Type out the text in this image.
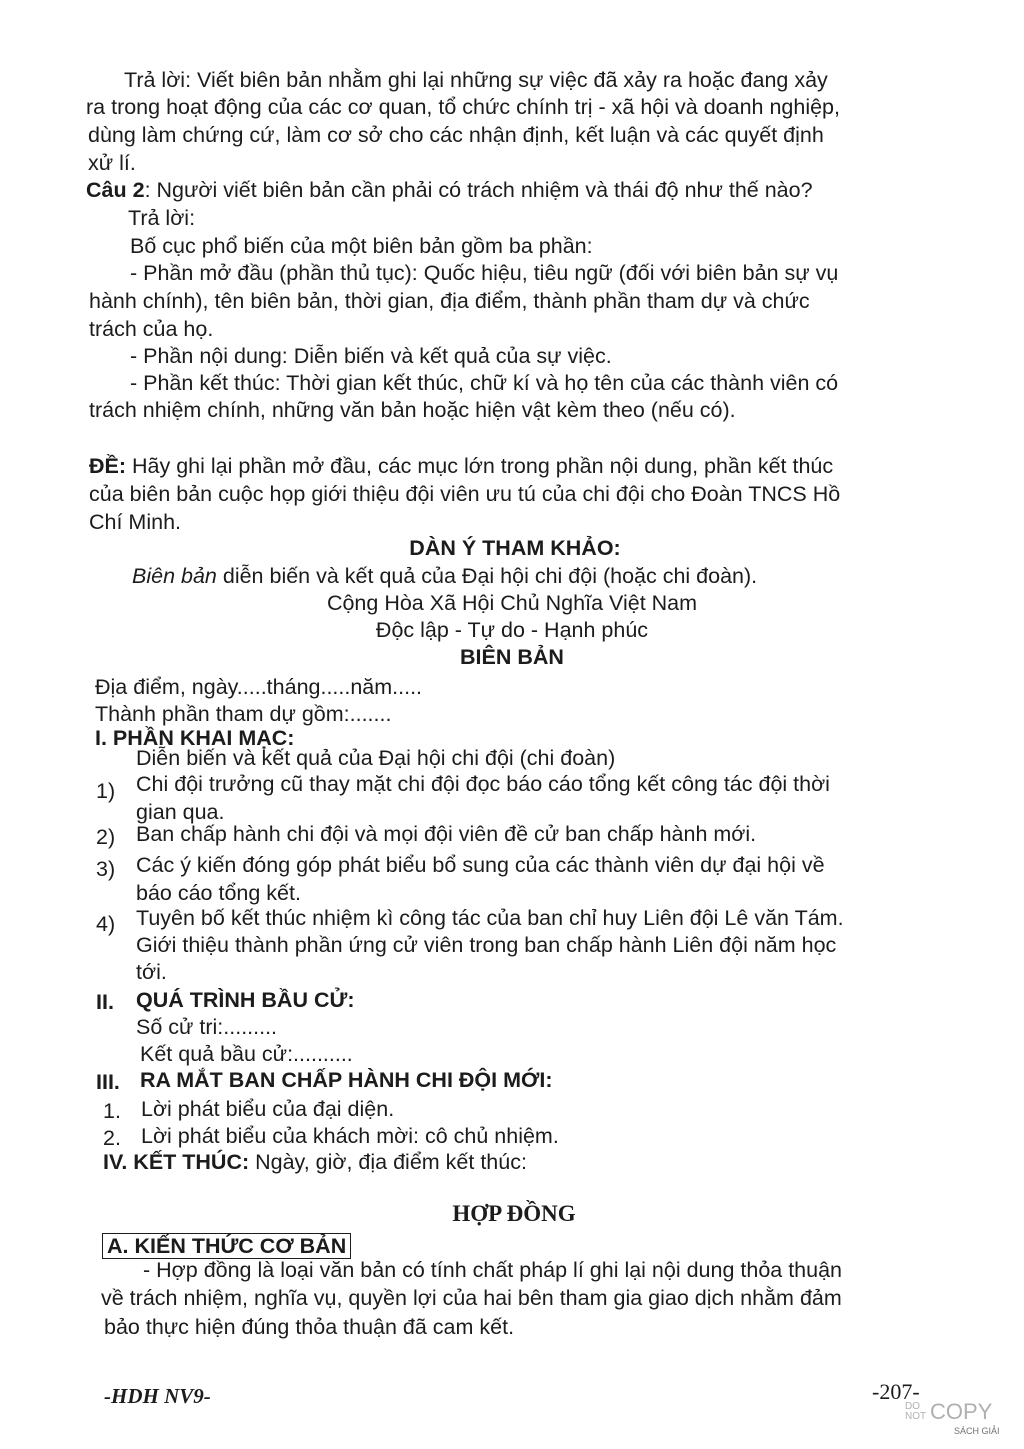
Trả lời: Viết biên bản nhằm ghi lại những sự việc đã xảy ra hoặc đang xảy
ra trong hoạt động của các cơ quan, tổ chức chính trị - xã hội và doanh nghiệp,
dùng làm chứng cứ, làm cơ sở cho các nhận định, kết luận và các quyết định
xử lí.
Câu 2: Người viết biên bản cần phải có trách nhiệm và thái độ như thế nào?
Trả lời:
Bố cục phổ biến của một biên bản gồm ba phần:
- Phần mở đầu (phần thủ tục): Quốc hiệu, tiêu ngữ (đối với biên bản sự vụ
hành chính), tên biên bản, thời gian, địa điểm, thành phần tham dự và chức
trách của họ.
- Phần nội dung: Diễn biến và kết quả của sự việc.
- Phần kết thúc: Thời gian kết thúc, chữ kí và họ tên của các thành viên có
trách nhiệm chính, những văn bản hoặc hiện vật kèm theo (nếu có).
ĐỀ: Hãy ghi lại phần mở đầu, các mục lớn trong phần nội dung, phần kết thúc
của biên bản cuộc họp giới thiệu đội viên ưu tú của chi đội cho Đoàn TNCS Hồ
Chí Minh.
DÀN Ý THAM KHẢO:
Biên bản diễn biến và kết quả của Đại hội chi đội (hoặc chi đoàn).
Cộng Hòa Xã Hội Chủ Nghĩa Việt Nam
Độc lập - Tự do - Hạnh phúc
BIÊN BẢN
Địa điểm, ngày.....tháng.....năm.....
Thành phần tham dự gồm:.......
I. PHẦN KHAI MẠC:
Diễn biến và kết quả của Đại hội chi đội (chi đoàn)
1) Chi đội trưởng cũ thay mặt chi đội đọc báo cáo tổng kết công tác đội thời
gian qua.
2) Ban chấp hành chi đội và mọi đội viên đề cử ban chấp hành mới.
3) Các ý kiến đóng góp phát biểu bổ sung của các thành viên dự đại hội về
báo cáo tổng kết.
4) Tuyên bố kết thúc nhiệm kì công tác của ban chỉ huy Liên đội Lê văn Tám.
Giới thiệu thành phần ứng cử viên trong ban chấp hành Liên đội năm học
tới.
II. QUÁ TRÌNH BẦU CỬ:
Số cử tri:.........
Kết quả bầu cử:..........
III. RA MẮT BAN CHẤP HÀNH CHI ĐỘI MỚI:
1. Lời phát biểu của đại diện.
2. Lời phát biểu của khách mời: cô chủ nhiệm.
IV. KẾT THÚC: Ngày, giờ, địa điểm kết thúc:
HỢP ĐỒNG
A. KIẾN THỨC CƠ BẢN
- Hợp đồng là loại văn bản có tính chất pháp lí ghi lại nội dung thỏa thuận
về trách nhiệm, nghĩa vụ, quyền lợi của hai bên tham gia giao dịch nhằm đảm
bảo thực hiện đúng thỏa thuận đã cam kết.
-HDH NV9-	-207-
DO
NOT COPY
SÁCH GIẢI
